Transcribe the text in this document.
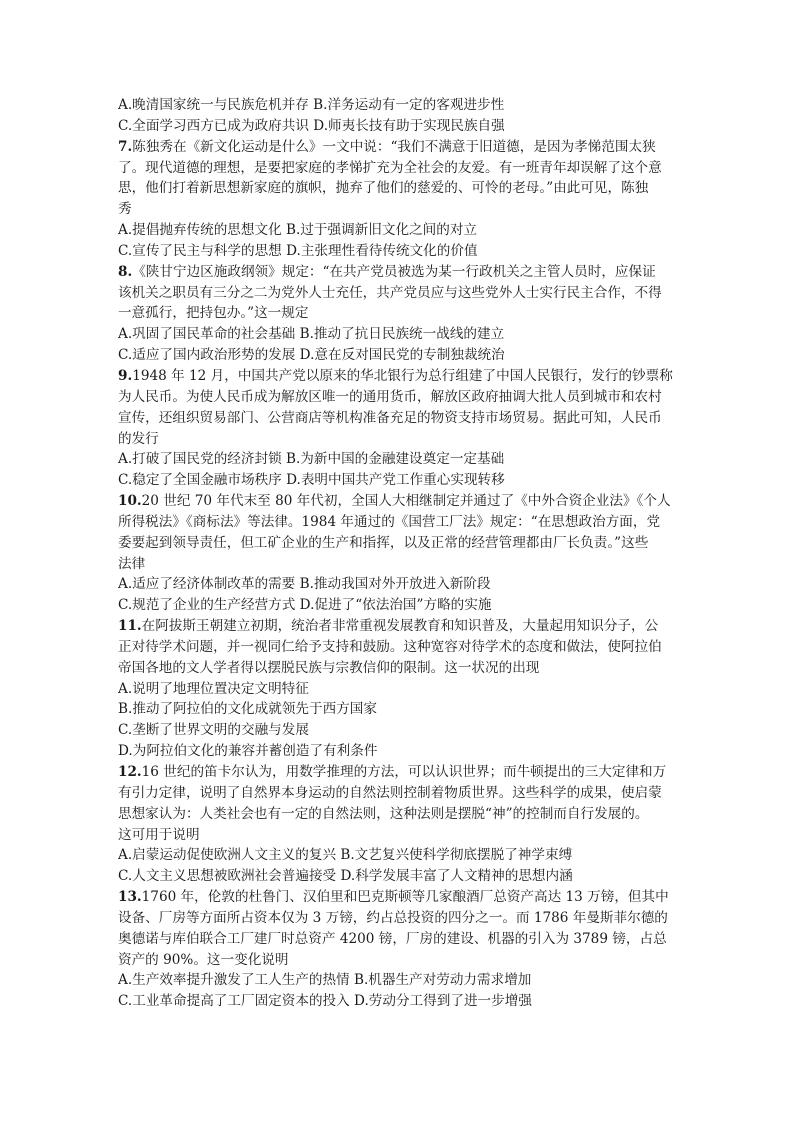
A.晚清国家统一与民族危机并存 B.洋务运动有一定的客观进步性
C.全面学习西方已成为政府共识 D.师夷长技有助于实现民族自强
7.陈独秀在《新文化运动是什么》一文中说：“我们不满意于旧道德，是因为孝悌范围太狭
了。现代道德的理想，是要把家庭的孝悌扩充为全社会的友爱。有一班青年却误解了这个意
思，他们打着新思想新家庭的旗帜，抛弃了他们的慈爱的、可怜的老母。”由此可见，陈独
秀
A.提倡抛弃传统的思想文化 B.过于强调新旧文化之间的对立
C.宣传了民主与科学的思想 D.主张理性看待传统文化的价值
8.《陕甘宁边区施政纲领》规定：“在共产党员被选为某一行政机关之主管人员时，应保证
该机关之职员有三分之二为党外人士充任，共产党员应与这些党外人士实行民主合作，不得
一意孤行，把持包办。”这一规定
A.巩固了国民革命的社会基础 B.推动了抗日民族统一战线的建立
C.适应了国内政治形势的发展 D.意在反对国民党的专制独裁统治
9.1948 年 12 月，中国共产党以原来的华北银行为总行组建了中国人民银行，发行的钞票称
为人民币。为使人民币成为解放区唯一的通用货币，解放区政府抽调大批人员到城市和农村
宣传，还组织贸易部门、公营商店等机构准备充足的物资支持市场贸易。据此可知，人民币
的发行
A.打破了国民党的经济封锁 B.为新中国的金融建设奠定一定基础
C.稳定了全国金融市场秩序 D.表明中国共产党工作重心实现转移
10.20 世纪 70 年代末至 80 年代初，全国人大相继制定并通过了《中外合资企业法》《个人
所得税法》《商标法》等法律。1984 年通过的《国营工厂法》规定：“在思想政治方面，党
委要起到领导责任，但工矿企业的生产和指挥，以及正常的经营管理都由厂长负责。”这些
法律
A.适应了经济体制改革的需要 B.推动我国对外开放进入新阶段
C.规范了企业的生产经营方式 D.促进了“依法治国”方略的实施
11.在阿拔斯王朝建立初期，统治者非常重视发展教育和知识普及，大量起用知识分子，公
正对待学术问题，并一视同仁给予支持和鼓励。这种宽容对待学术的态度和做法，使阿拉伯
帝国各地的文人学者得以摆脱民族与宗教信仰的限制。这一状况的出现
A.说明了地理位置决定文明特征
B.推动了阿拉伯的文化成就领先于西方国家
C.垄断了世界文明的交融与发展
D.为阿拉伯文化的兼容并蓄创造了有利条件
12.16 世纪的笛卡尔认为，用数学推理的方法，可以认识世界；而牛顿提出的三大定律和万
有引力定律，说明了自然界本身运动的自然法则控制着物质世界。这些科学的成果，使启蒙
思想家认为：人类社会也有一定的自然法则，这种法则是摆脱“神”的控制而自行发展的。
这可用于说明
A.启蒙运动促使欧洲人文主义的复兴 B.文艺复兴使科学彻底摆脱了神学束缚
C.人文主义思想被欧洲社会普遍接受 D.科学发展丰富了人文精神的思想内涵
13.1760 年，伦敦的杜鲁门、汉伯里和巴克斯顿等几家酿酒厂总资产高达 13 万镑，但其中
设备、厂房等方面所占资本仅为 3 万镑，约占总投资的四分之一。而 1786 年曼斯菲尔德的
奥德诺与库伯联合工厂建厂时总资产 4200 镑，厂房的建设、机器的引入为 3789 镑，占总
资产的 90%。这一变化说明
A.生产效率提升激发了工人生产的热情 B.机器生产对劳动力需求增加
C.工业革命提高了工厂固定资本的投入 D.劳动分工得到了进一步增强
